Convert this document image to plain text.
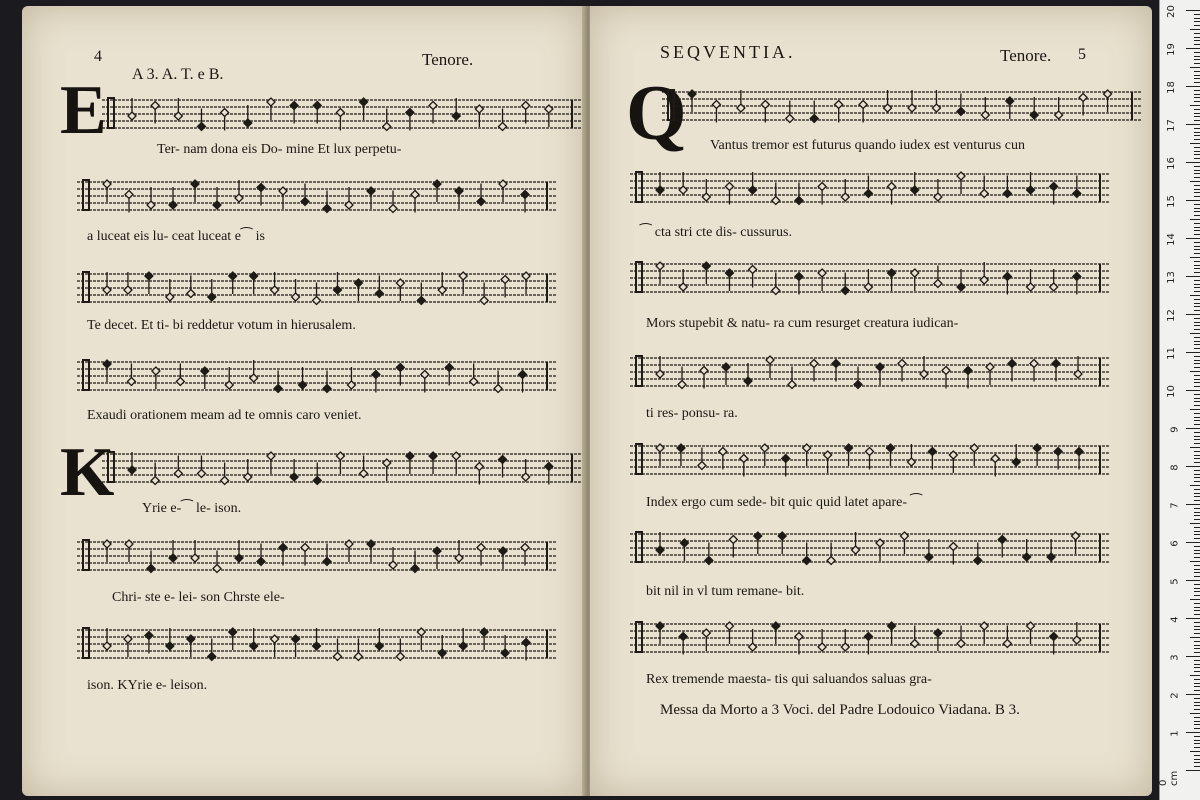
4	Tenore.
A 3. A. T. e B.
E
K
Ter- nam dona eis Do- mine Et lux perpetu-
a luceat eis lu- ceat luceat e⁀ is
Te decet. Et ti- bi reddetur votum in hierusalem.
Exaudi orationem meam ad te omnis caro veniet.
Yrie e-⁀ le- ison.
Chri- ste e- lei- son Chrste ele-
ison. KYrie e- leison.
SEQVENTIA.	Tenore. 5
Q Vantus tremor est futurus quando iudex est venturus cun
⁀ cta stri cte dis- cussurus.
Mors stupebit & natu- ra cum resurget creatura iudican-
ti res- ponsu- ra.
Index ergo cum sede- bit quic quid latet apare- ⁀
bit nil in vl tum remane- bit.
Rex tremende maesta- tis qui saluandos saluas gra-
Messa da Morto a 3 Voci. del Padre Lodouico Viadana. B 3.
20
19
18
17
16
15
14
13
12
11
10
9
8
7
6
5
4
3
2
1
0 cm
